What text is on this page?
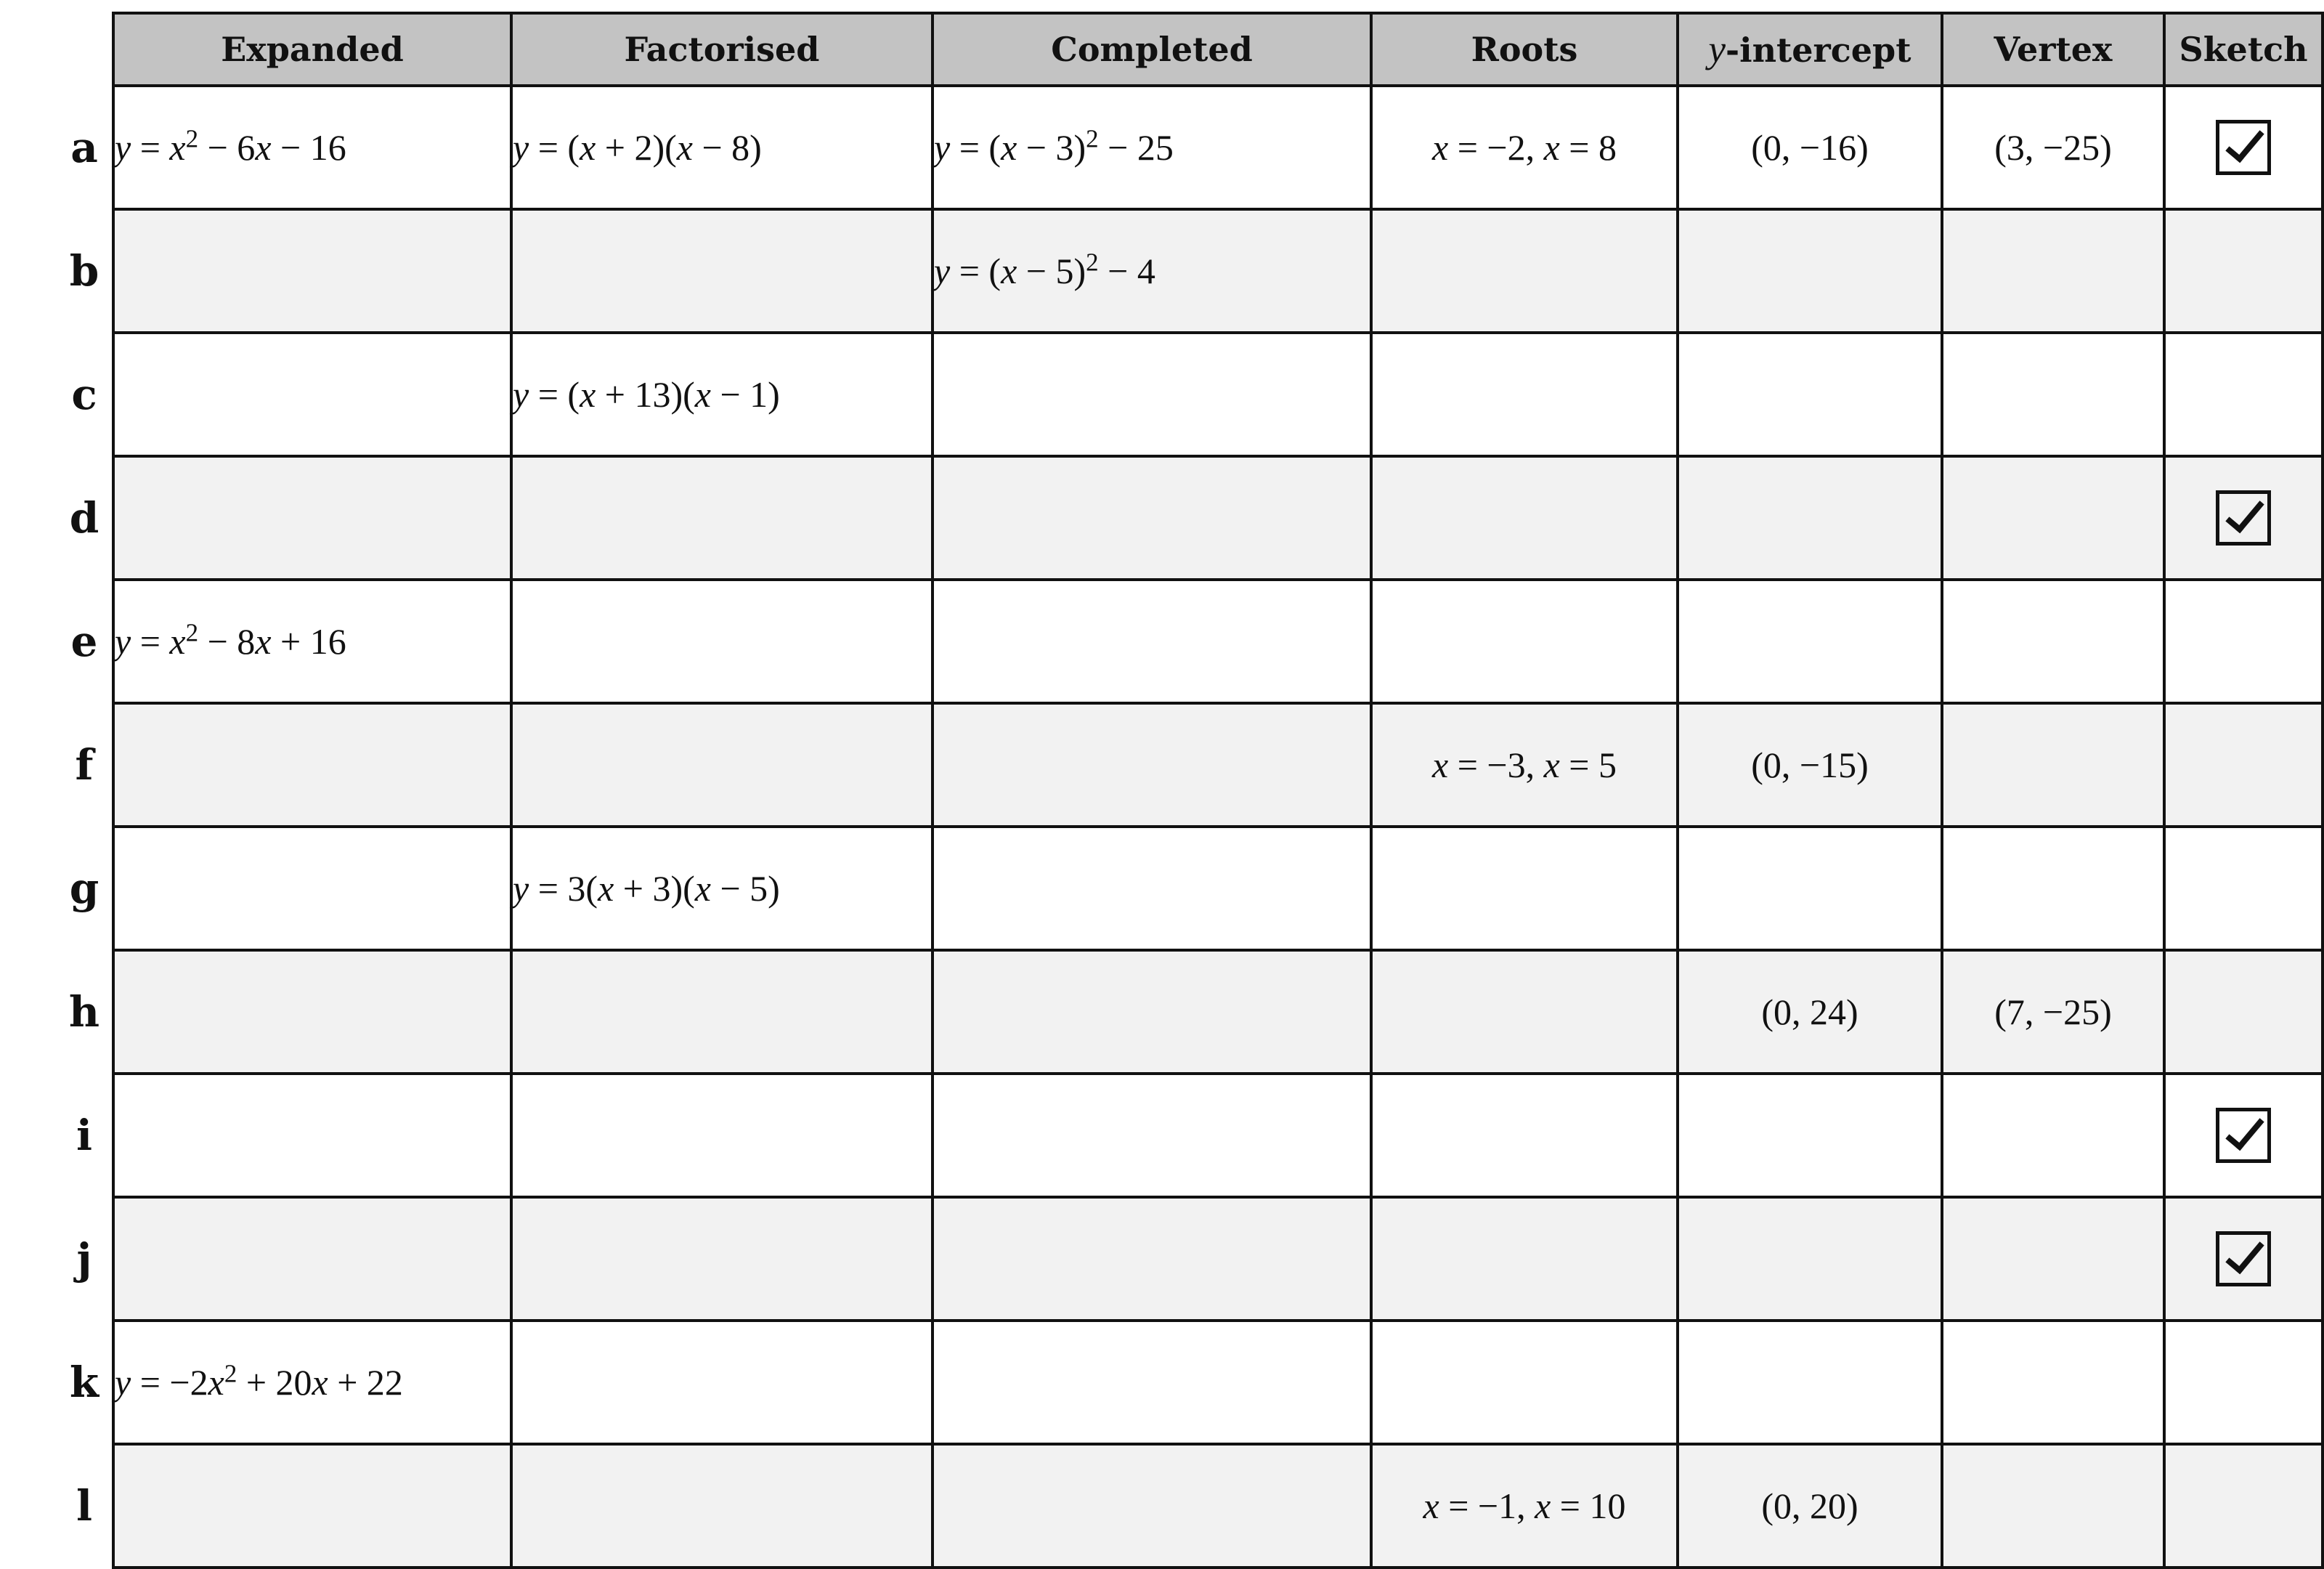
	Expanded	Factorised	Completed	Roots	y-intercept	Vertex	Sketch
a	$y = x^2 - 6x - 16$	y = (x + 2)(x − 8)	$y = (x - 3)^2 - 25$	x = −2, x = 8	(0, −16)	(3, −25)	
b			$y = (x - 5)^2 - 4$				
c		y = (x + 13)(x − 1)					
d							
e	$y = x^2 - 8x + 16$						
f				x = −3, x = 5	(0, −15)		
g		y = 3(x + 3)(x − 5)					
h					(0, 24)	(7, −25)	
i							
j							
k	$y = -2x^2 + 20x + 22$						
l				x = −1, x = 10	(0, 20)		
